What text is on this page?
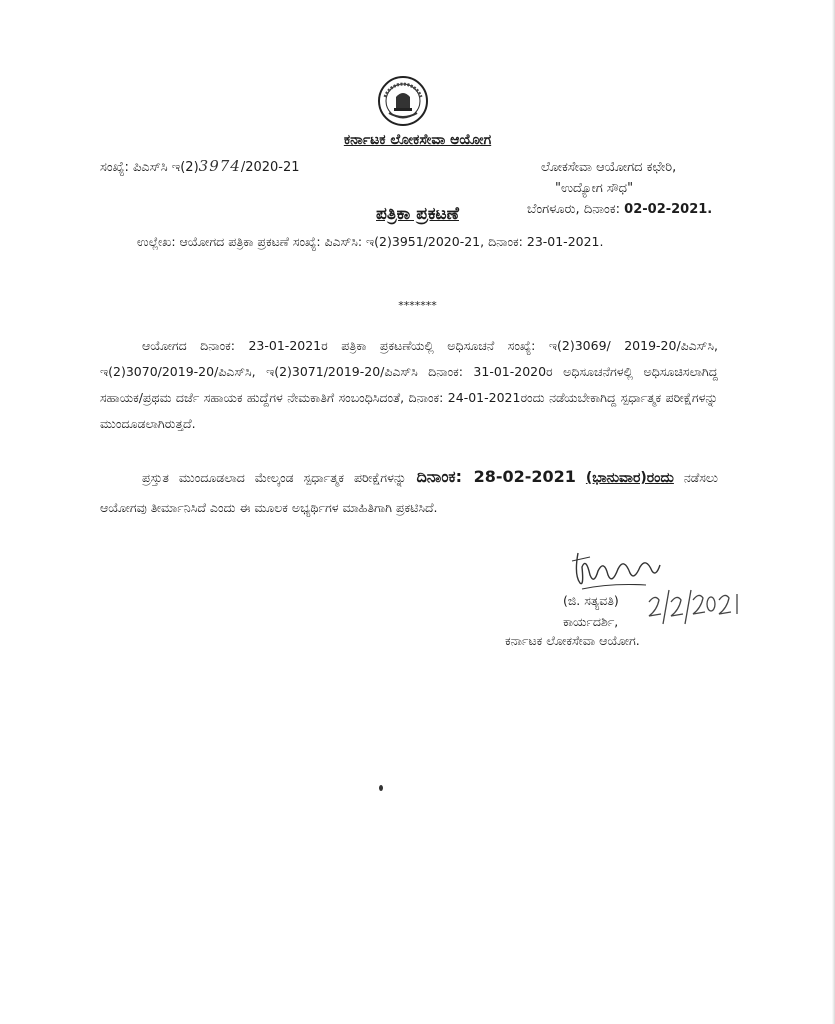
ಕರ್ನಾಟಕ ಲೋಕಸೇವಾ ಆಯೋಗ
ಸಂಖ್ಯೆ: ಪಿಎಸ್‌ಸಿ ಇ(2)3974/2020-21	ಲೋಕಸೇವಾ ಆಯೋಗದ ಕಛೇರಿ,
"ಉದ್ಯೋಗ ಸೌಧ"
ಬೆಂಗಳೂರು, ದಿನಾಂಕ: 02-02-2021.
ಪತ್ರಿಕಾ ಪ್ರಕಟಣೆ
ಉಲ್ಲೇಖ: ಆಯೋಗದ ಪತ್ರಿಕಾ ಪ್ರಕಟಣೆ ಸಂಖ್ಯೆ: ಪಿಎಸ್‌ಸಿ: ಇ(2)3951/2020-21, ದಿನಾಂಕ: 23-01-2021.
*******
ಆಯೋಗದ ದಿನಾಂಕ: 23-01-2021ರ ಪತ್ರಿಕಾ ಪ್ರಕಟಣೆಯಲ್ಲಿ ಅಧಿಸೂಚನೆ ಸಂಖ್ಯೆ: ಇ(2)3069/ 2019-20/ಪಿಎಸ್‌ಸಿ, ಇ(2)3070/2019-20/ಪಿಎಸ್‌ಸಿ, ಇ(2)3071/2019-20/ಪಿಎಸ್‌ಸಿ ದಿನಾಂಕ: 31-01-2020ರ ಅಧಿಸೂಚನೆಗಳಲ್ಲಿ ಅಧಿಸೂಚಿಸಲಾಗಿದ್ದ ಸಹಾಯಕ/ಪ್ರಥಮ ದರ್ಜೆ ಸಹಾಯಕ ಹುದ್ದೆಗಳ ನೇಮಕಾತಿಗೆ ಸಂಬಂಧಿಸಿದಂತೆ, ದಿನಾಂಕ: 24-01-2021ರಂದು ನಡೆಯಬೇಕಾಗಿದ್ದ ಸ್ಪರ್ಧಾತ್ಮಕ ಪರೀಕ್ಷೆಗಳನ್ನು ಮುಂದೂಡಲಾಗಿರುತ್ತದೆ.
ಪ್ರಸ್ತುತ ಮುಂದೂಡಲಾದ ಮೇಲ್ಕಂಡ ಸ್ಪರ್ಧಾತ್ಮಕ ಪರೀಕ್ಷೆಗಳನ್ನು ದಿನಾಂಕ: 28-02-2021 (ಭಾನುವಾರ)ರಂದು ನಡೆಸಲು ಆಯೋಗವು ತೀರ್ಮಾನಿಸಿದೆ ಎಂದು ಈ ಮೂಲಕ ಅಭ್ಯರ್ಥಿಗಳ ಮಾಹಿತಿಗಾಗಿ ಪ್ರಕಟಿಸಿದೆ.
(ಜಿ. ಸತ್ಯವತಿ)
ಕಾರ್ಯದರ್ಶಿ,
ಕರ್ನಾಟಕ ಲೋಕಸೇವಾ ಆಯೋಗ.
